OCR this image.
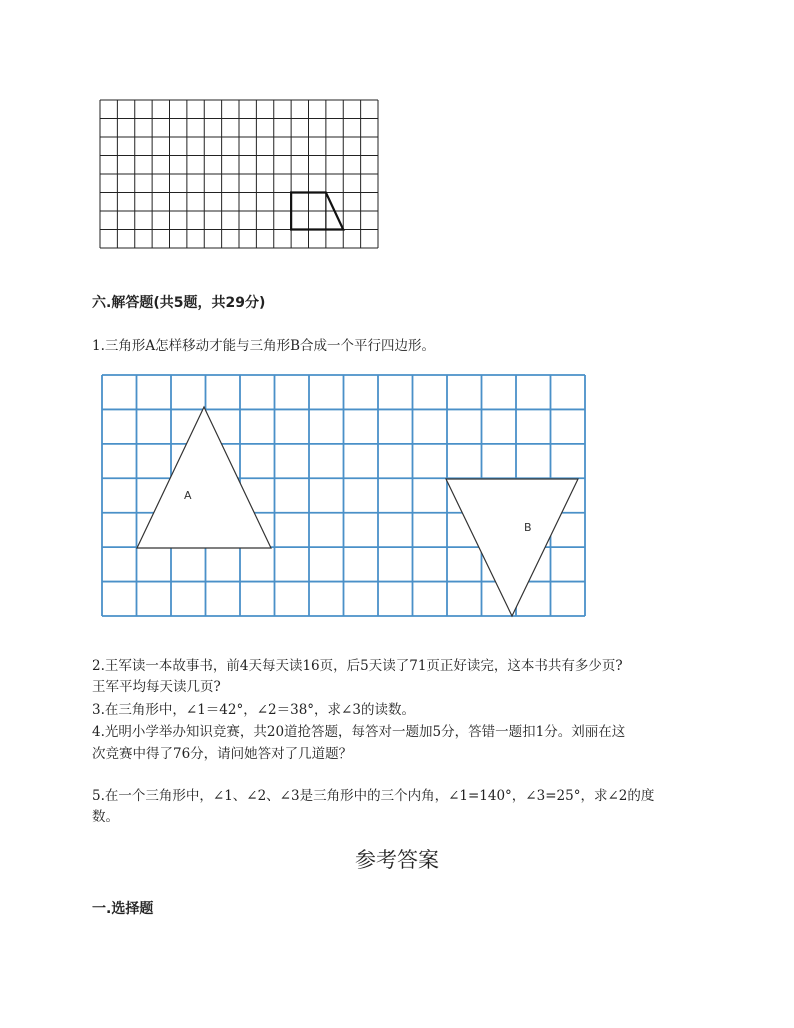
六.解答题(共5题，共29分)
1.三角形A怎样移动才能与三角形B合成一个平行四边形。
A
B
2.王军读一本故事书，前4天每天读16页，后5天读了71页正好读完，这本书共有多少页?
王军平均每天读几页?
3.在三角形中，∠1＝42°，∠2＝38°，求∠3的读数。
4.光明小学举办知识竞赛，共20道抢答题，每答对一题加5分，答错一题扣1分。刘丽在这
次竞赛中得了76分，请问她答对了几道题？
5.在一个三角形中，∠1、∠2、∠3是三角形中的三个内角，∠1=140°，∠3=25°，求∠2的度
数。
参考答案
一.选择题
